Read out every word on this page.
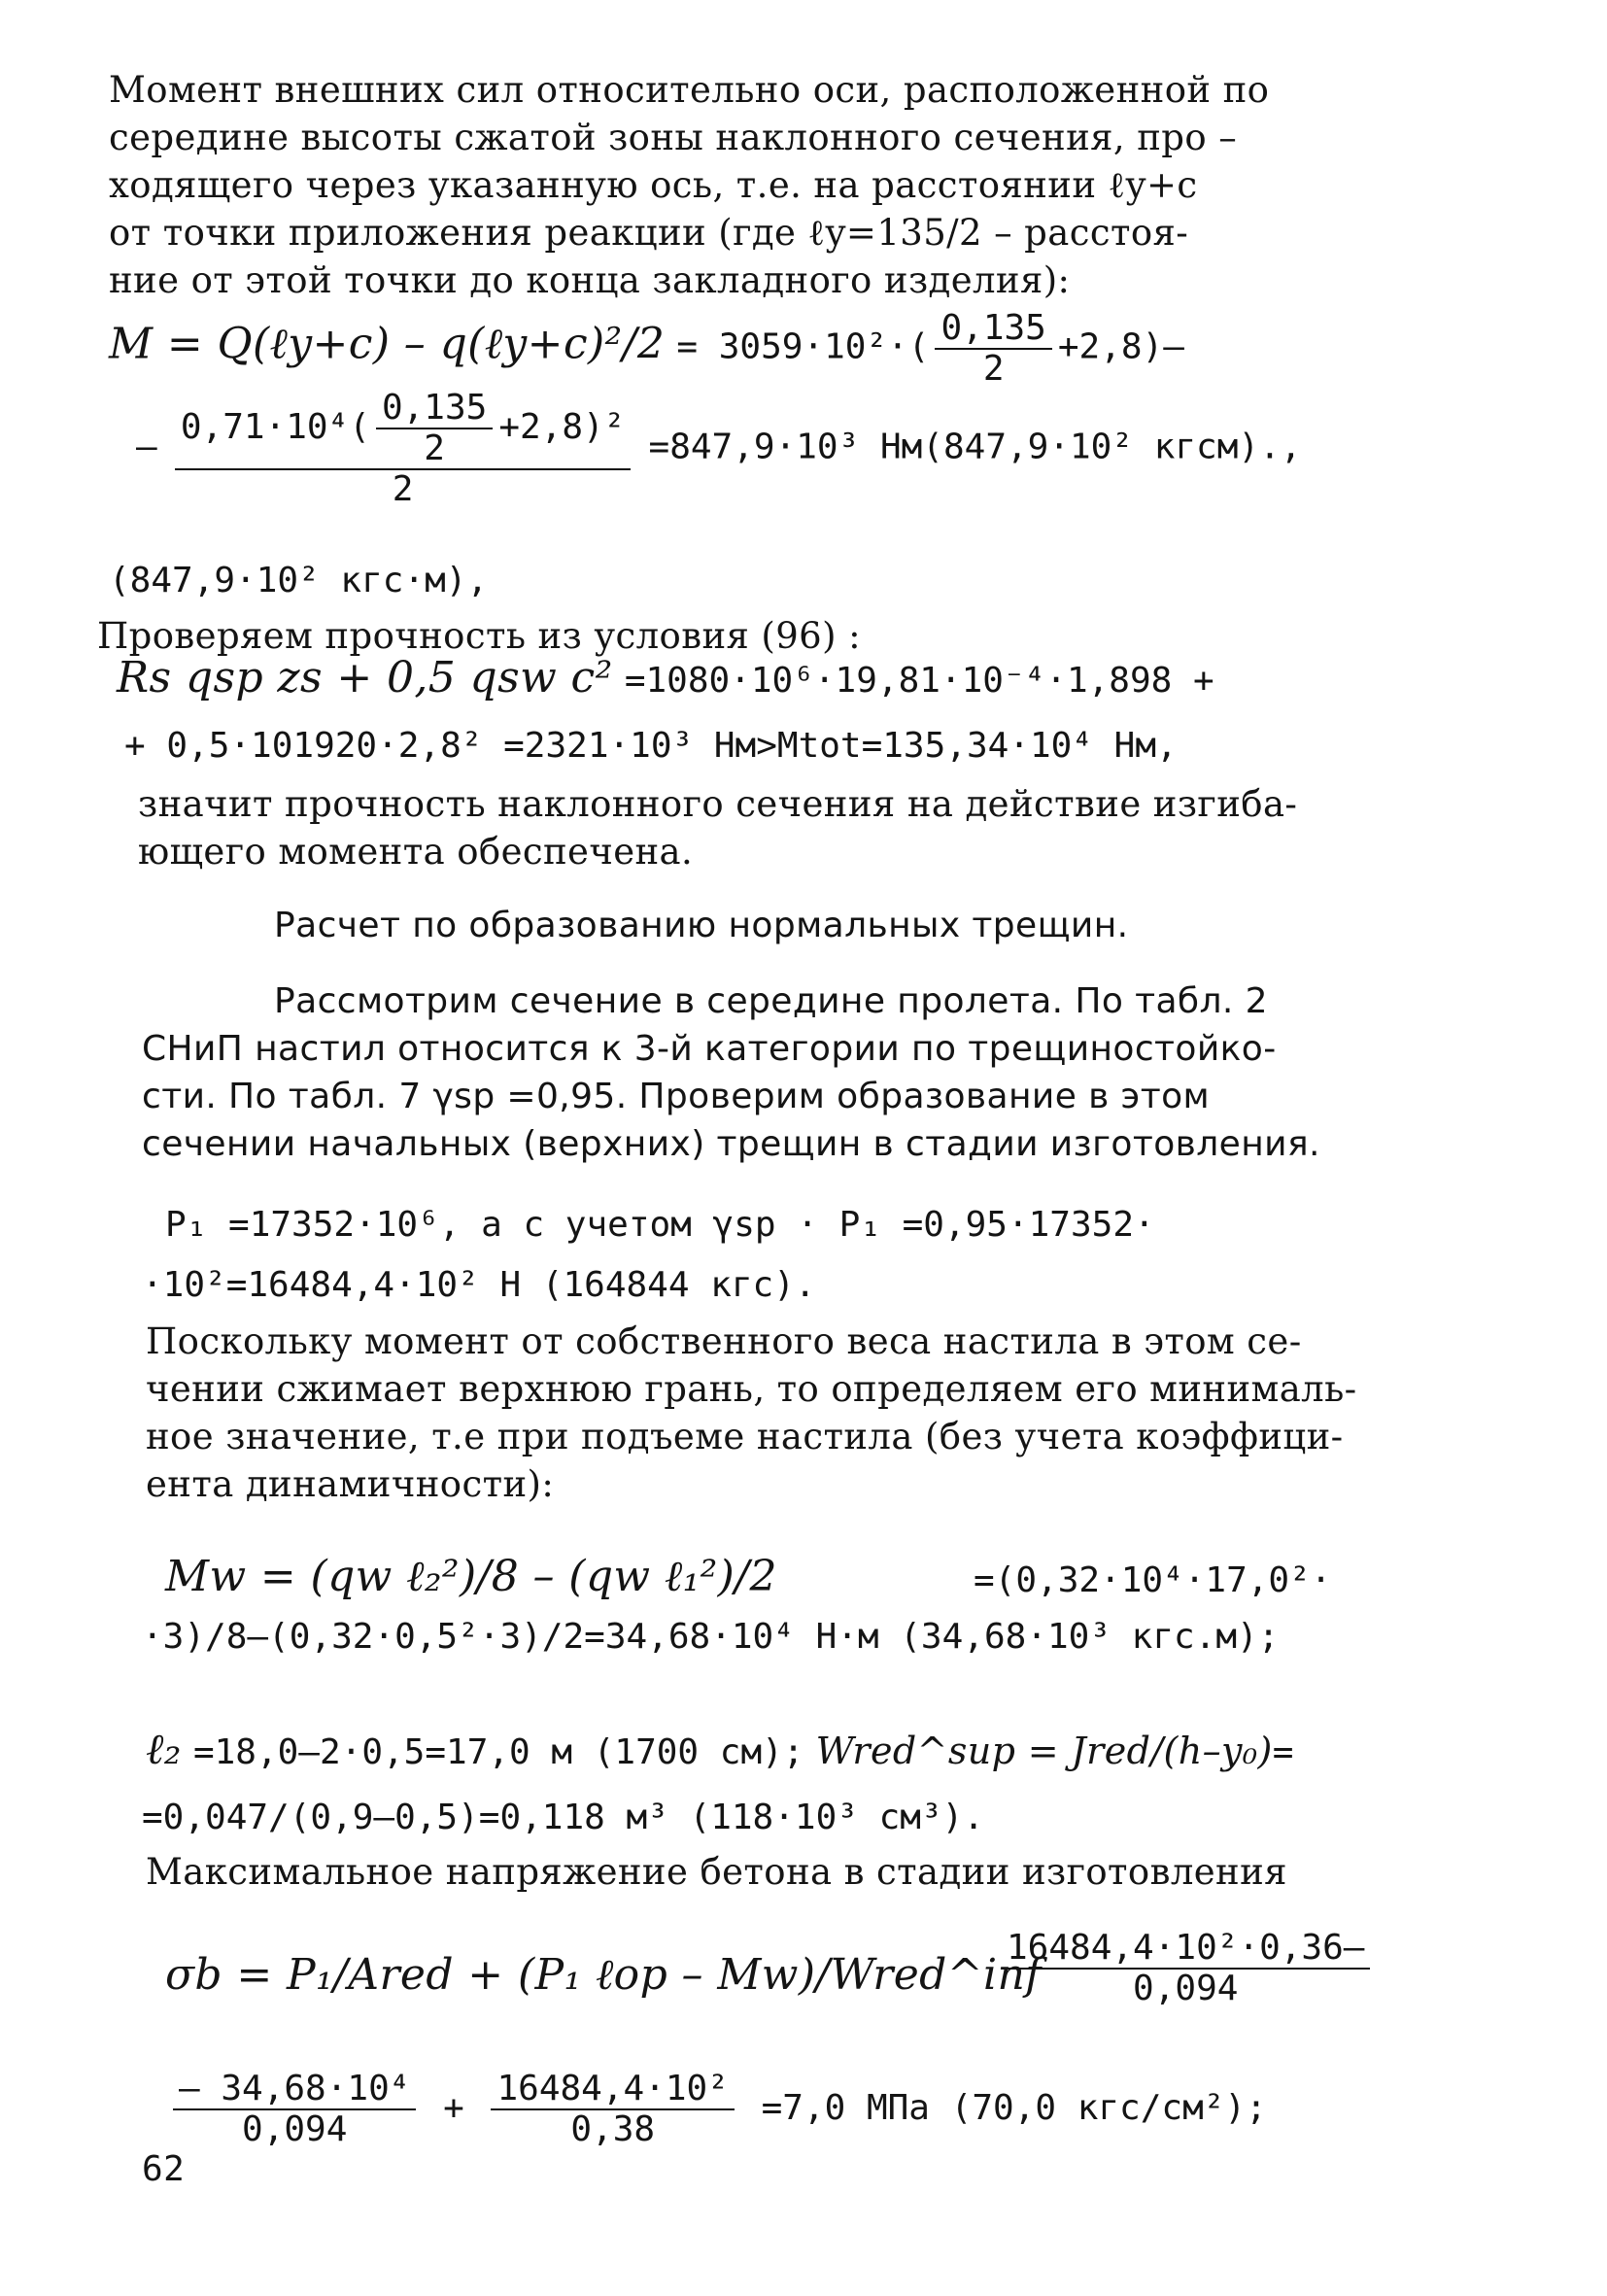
Момент внешних сил относительно оси, расположенной по
середине высоты сжатой зоны наклонного сечения, про –
ходящего через указанную ось, т.е. на расстоянии ℓy+c
от точки приложения реакции (где ℓy=135/2 – расстоя-
ние от этой точки до конца закладного изделия):
M = Q(ℓy+c) – q(ℓy+c)²/2 = $3059\cdot 10^2\cdot( \frac{0,135}{2} +2,8)-$
– $\frac{0,71\cdot 10^4( \frac{0,135}{2} +2,8)^2}{2} =847,9\cdot 10^3$ Нм(847,9·10² кгсм).,
(847,9·10² кгс·м),
Проверяем прочность из условия (96) :
Rs qsp zs + 0,5 qsw c² =1080·10⁶·19,81·10⁻⁴·1,898 +
+ 0,5·101920·2,8² =2321·10³ Нм>Mtot=135,34·10⁴ Нм,
значит прочность наклонного сечения на действие изгиба-
ющего момента обеспечена.
Расчет по образованию нормальных трещин.
Рассмотрим сечение в середине пролета. По табл. 2
СНиП настил относится к 3-й категории по трещиностойко-
сти. По табл. 7 γsp =0,95. Проверим образование в этом
сечении начальных (верхних) трещин в стадии изготовления.
P₁ =17352·10⁶, а с учетом γsp · P₁ =0,95·17352·
·10²=16484,4·10² Н (164844 кгс).
Поскольку момент от собственного веса настила в этом се-
чении сжимает верхнюю грань, то определяем его минималь-
ное значение, т.е при подъеме настила (без учета коэффици-
ента динамичности):
Mw = (qw ℓ₂²)/8 – (qw ℓ₁²)/2	=(0,32·10⁴·17,0²·
·3)/8–(0,32·0,5²·3)/2=34,68·10⁴ Н·м (34,68·10³ кгс.м);
ℓ₂ =18,0–2·0,5=17,0 м (1700 см); Wred^sup = Jred/(h–y₀)=
=0,047/(0,9–0,5)=0,118 м³ (118·10³ см³).
Максимальное напряжение бетона в стадии изготовления
σb = P₁/Ared + (P₁ ℓop – Mw)/Wred^inf
$\frac{\text{16484,4·10²·0,36–}}{0,094}$
$\frac{\text{– 34,68·10⁴}}{0,094} + \frac{\text{16484,4·10²}}{0,38} =7,0$ МПа (70,0 кгс/см²);
62
